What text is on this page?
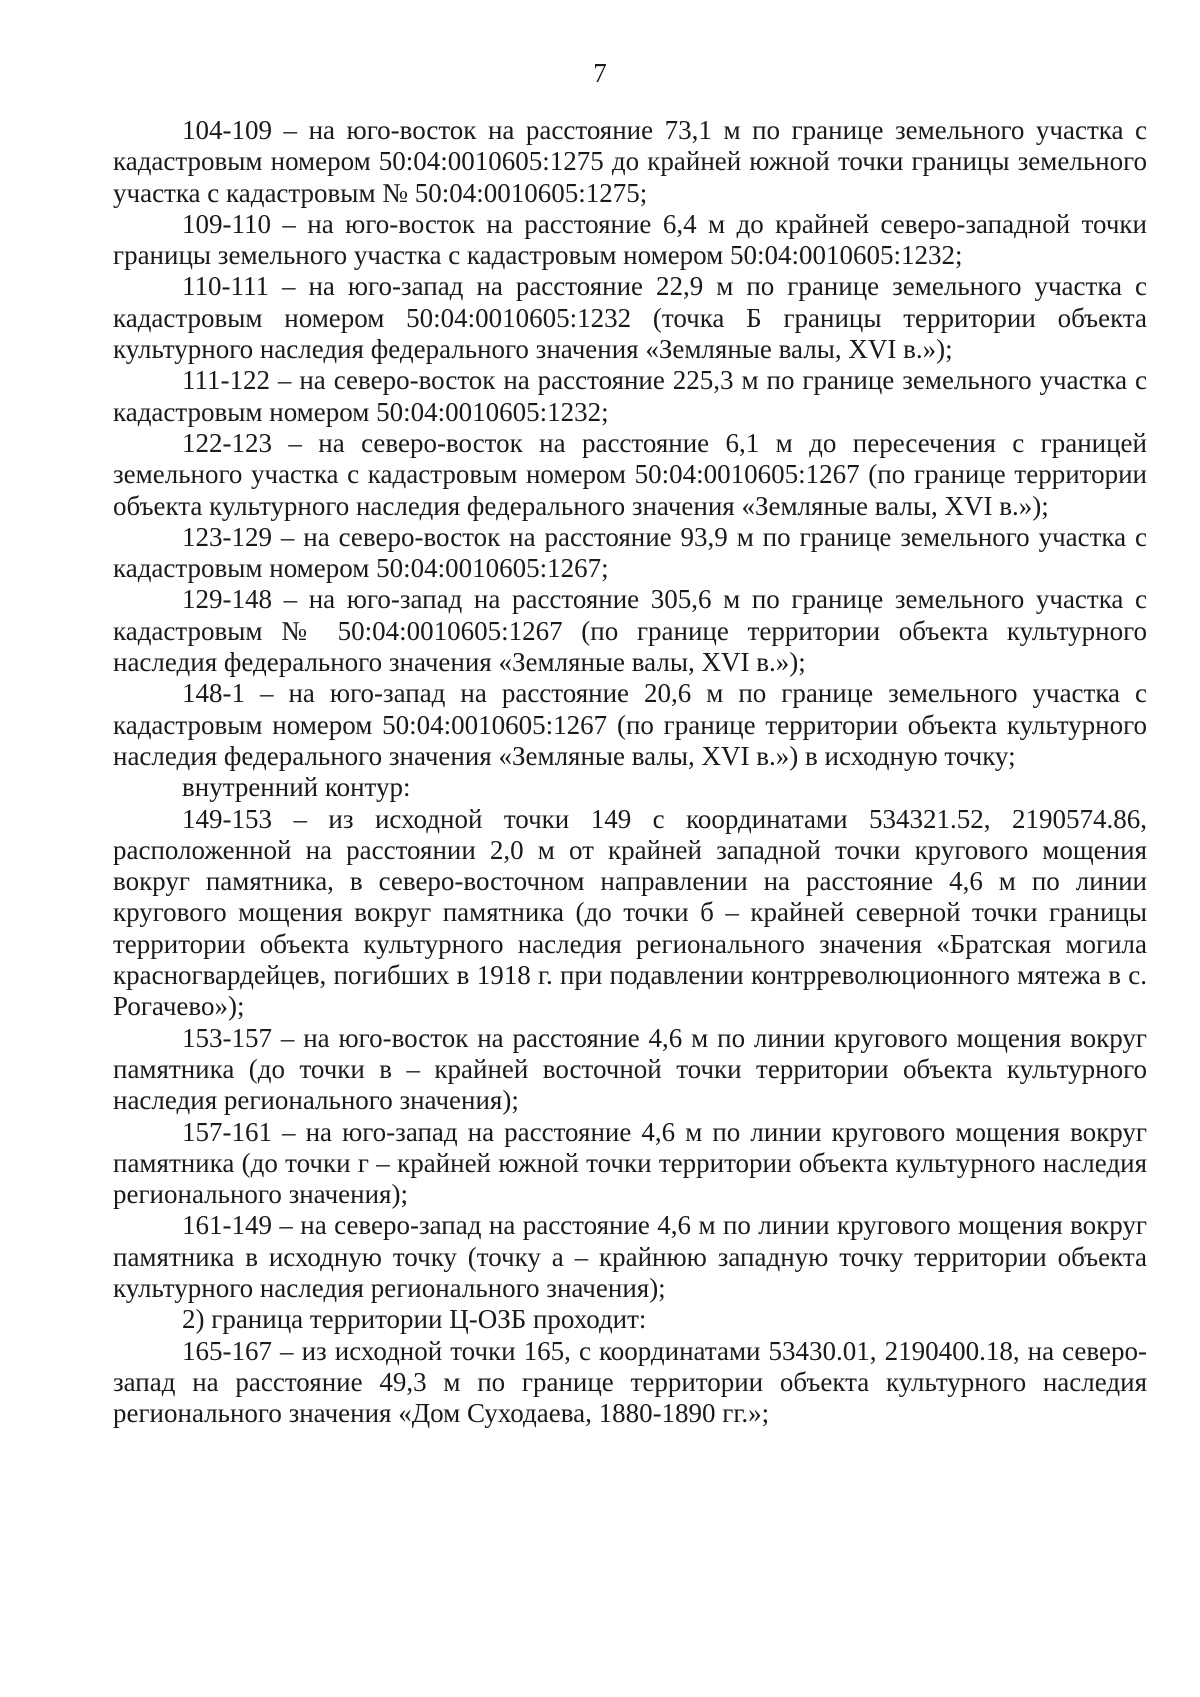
7

104-109 – на юго-восток на расстояние 73,1 м по границе земельного участка с кадастровым номером 50:04:0010605:1275 до крайней южной точки границы земельного участка с кадастровым № 50:04:0010605:1275;

109-110 – на юго-восток на расстояние 6,4 м до крайней северо-западной точки границы земельного участка с кадастровым номером 50:04:0010605:1232;

110-111 – на юго-запад на расстояние 22,9 м по границе земельного участка с кадастровым номером 50:04:0010605:1232 (точка Б границы территории объекта культурного наследия федерального значения «Земляные валы, XVI в.»);

111-122 – на северо-восток на расстояние 225,3 м по границе земельного участка с кадастровым номером 50:04:0010605:1232;

122-123 – на северо-восток на расстояние 6,1 м до пересечения с границей земельного участка с кадастровым номером 50:04:0010605:1267 (по границе территории объекта культурного наследия федерального значения «Земляные валы, XVI в.»);

123-129 – на северо-восток на расстояние 93,9 м по границе земельного участка с кадастровым номером 50:04:0010605:1267;

129-148 – на юго-запад на расстояние 305,6 м по границе земельного участка с кадастровым № 50:04:0010605:1267 (по границе территории объекта культурного наследия федерального значения «Земляные валы, XVI в.»);

148-1 – на юго-запад на расстояние 20,6 м по границе земельного участка с кадастровым номером 50:04:0010605:1267 (по границе территории объекта культурного наследия федерального значения «Земляные валы, XVI в.») в исходную точку;

внутренний контур:

149-153 – из исходной точки 149 с координатами 534321.52, 2190574.86, расположенной на расстоянии 2,0 м от крайней западной точки кругового мощения вокруг памятника, в северо-восточном направлении на расстояние 4,6 м по линии кругового мощения вокруг памятника (до точки б – крайней северной точки границы территории объекта культурного наследия регионального значения «Братская могила красногвардейцев, погибших в 1918 г. при подавлении контрреволюционного мятежа в с. Рогачево»);

153-157 – на юго-восток на расстояние 4,6 м по линии кругового мощения вокруг памятника (до точки в – крайней восточной точки территории объекта культурного наследия регионального значения);

157-161 – на юго-запад на расстояние 4,6 м по линии кругового мощения вокруг памятника (до точки г – крайней южной точки территории объекта культурного наследия регионального значения);

161-149 – на северо-запад на расстояние 4,6 м по линии кругового мощения вокруг памятника в исходную точку (точку а – крайнюю западную точку территории объекта культурного наследия регионального значения);

2) граница территории Ц-ОЗБ проходит:

165-167 – из исходной точки 165, с координатами 53430.01, 2190400.18, на северо-запад на расстояние 49,3 м по границе территории объекта культурного наследия регионального значения «Дом Суходаева, 1880-1890 гг.»;
